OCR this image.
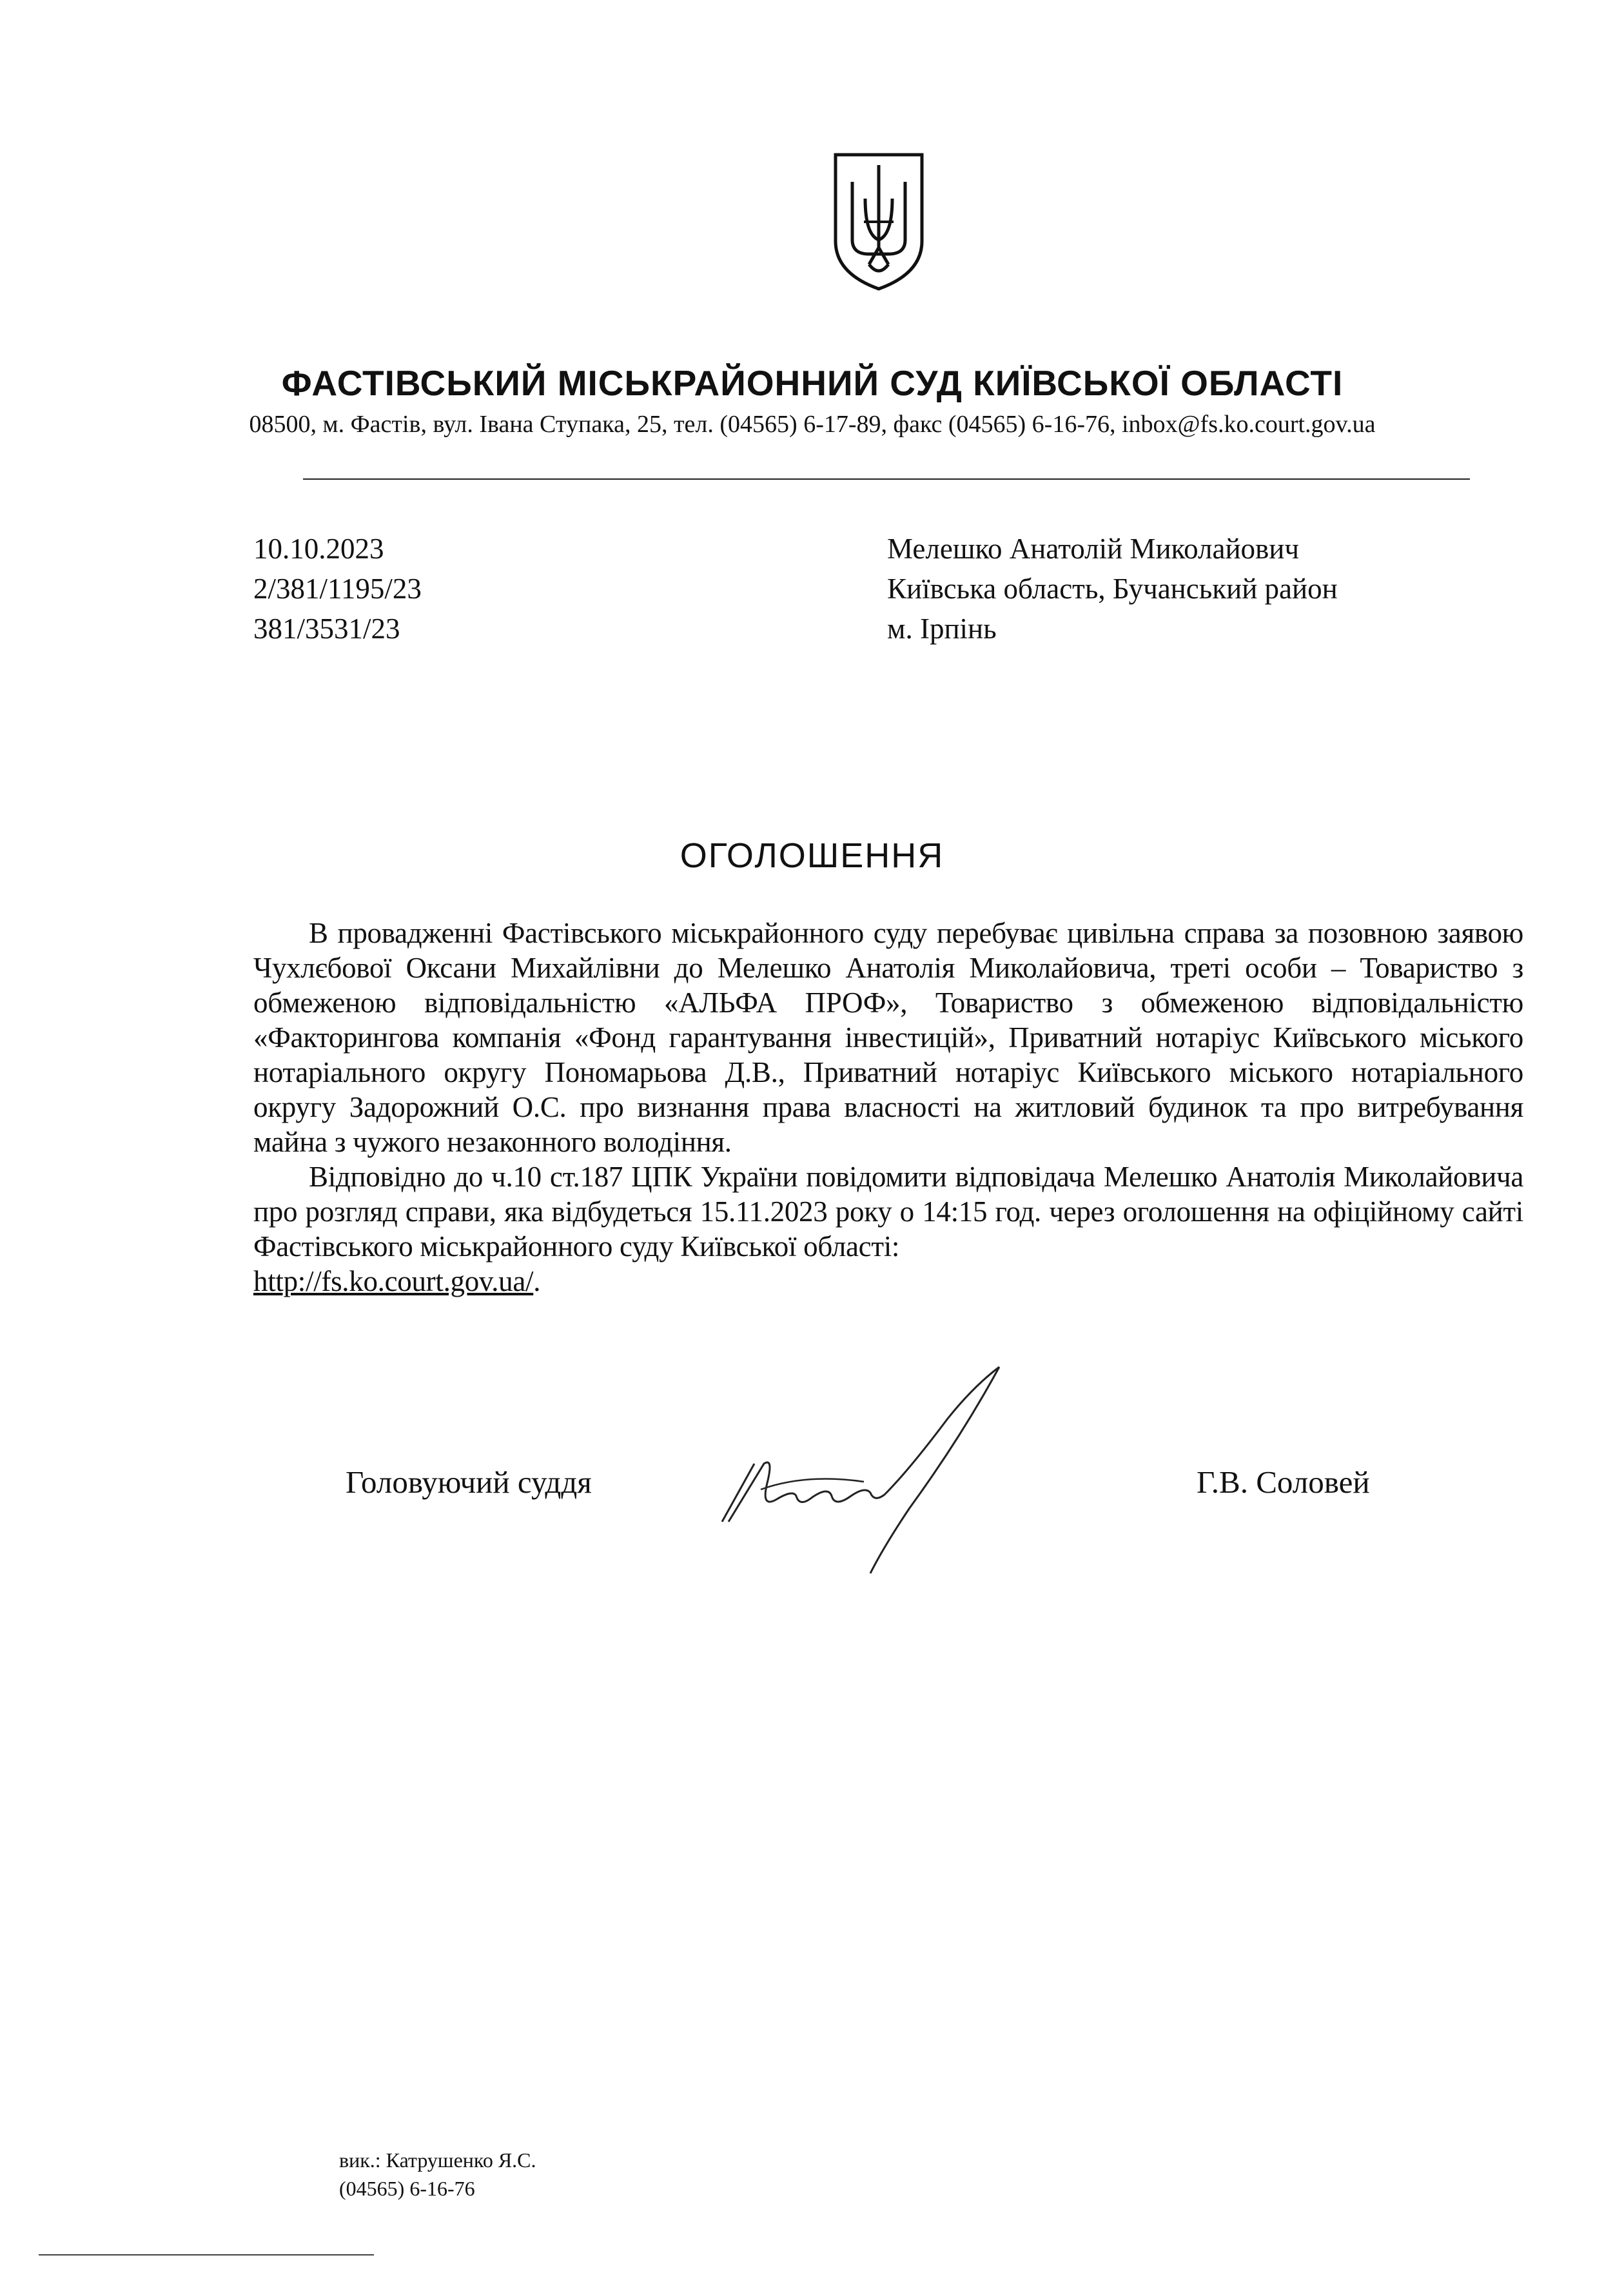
ФАСТІВСЬКИЙ МІСЬКРАЙОННИЙ СУД КИЇВСЬКОЇ ОБЛАСТІ
08500, м. Фастів, вул. Івана Ступака, 25, тел. (04565) 6-17-89, факс (04565) 6-16-76, inbox@fs.ko.court.gov.ua
10.10.2023
2/381/1195/23
381/3531/23
Мелешко Анатолій Миколайович
Київська область, Бучанський район
м. Ірпінь
ОГОЛОШЕННЯ

В провадженні Фастівського міськрайонного суду перебуває цивільна справа за позовною заявою Чухлєбової Оксани Михайлівни до Мелешко Анатолія Миколайовича, треті особи – Товариство з обмеженою відповідальністю «АЛЬФА ПРОФ», Товариство з обмеженою відповідальністю «Факторингова компанія «Фонд гарантування інвестицій», Приватний нотаріус Київського міського нотаріального округу Пономарьова Д.В., Приватний нотаріус Київського міського нотаріального округу Задорожний О.С. про визнання права власності на житловий будинок та про витребування майна з чужого незаконного володіння.

Відповідно до ч.10 ст.187 ЦПК України повідомити відповідача Мелешко Анатолія Миколайовича про розгляд справи, яка відбудеться 15.11.2023 року о 14:15 год. через оголошення на офіційному сайті Фастівського міськрайонного суду Київської області:
http://fs.ko.court.gov.ua/.

Головуючий суддя	Г.В. Соловей
вик.: Катрушенко Я.С.
(04565) 6-16-76
